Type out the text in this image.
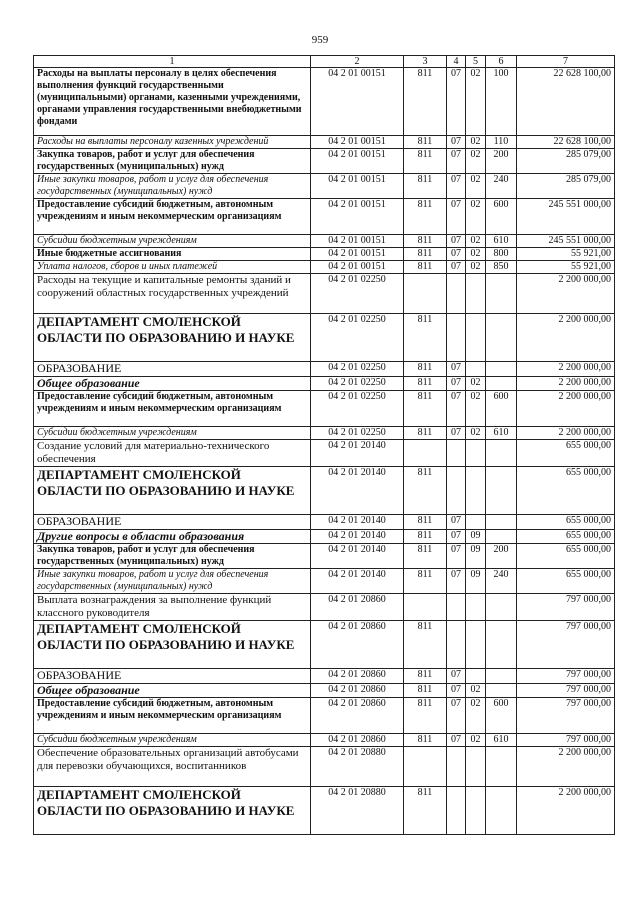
959
1	2	3	4	5	6	7
Расходы на выплаты персоналу в целях обеспечения выполнения функций государственными (муниципальными) органами, казенными учреждениями, органами управления государственными внебюджетными фондами	04 2 01 00151	811	07	02	100	22 628 100,00
Расходы на выплаты персоналу казенных учреждений	04 2 01 00151	811	07	02	110	22 628 100,00
Закупка товаров, работ и услуг для обеспечения государственных (муниципальных) нужд	04 2 01 00151	811	07	02	200	285 079,00
Иные закупки товаров, работ и услуг для обеспечения государственных (муниципальных) нужд	04 2 01 00151	811	07	02	240	285 079,00
Предоставление субсидий бюджетным, автономным учреждениям и иным некоммерческим организациям	04 2 01 00151	811	07	02	600	245 551 000,00
Субсидии бюджетным учреждениям	04 2 01 00151	811	07	02	610	245 551 000,00
Иные бюджетные ассигнования	04 2 01 00151	811	07	02	800	55 921,00
Уплата налогов, сборов и иных платежей	04 2 01 00151	811	07	02	850	55 921,00
Расходы на текущие и капитальные ремонты зданий и сооружений областных государственных учреждений	04 2 01 02250					2 200 000,00
ДЕПАРТАМЕНТ СМОЛЕНСКОЙ ОБЛАСТИ ПО ОБРАЗОВАНИЮ И НАУКЕ	04 2 01 02250	811				2 200 000,00
ОБРАЗОВАНИЕ	04 2 01 02250	811	07			2 200 000,00
Общее образование	04 2 01 02250	811	07	02		2 200 000,00
Предоставление субсидий бюджетным, автономным учреждениям и иным некоммерческим организациям	04 2 01 02250	811	07	02	600	2 200 000,00
Субсидии бюджетным учреждениям	04 2 01 02250	811	07	02	610	2 200 000,00
Создание условий для материально-технического обеспечения	04 2 01 20140					655 000,00
ДЕПАРТАМЕНТ СМОЛЕНСКОЙ ОБЛАСТИ ПО ОБРАЗОВАНИЮ И НАУКЕ	04 2 01 20140	811				655 000,00
ОБРАЗОВАНИЕ	04 2 01 20140	811	07			655 000,00
Другие вопросы в области образования	04 2 01 20140	811	07	09		655 000,00
Закупка товаров, работ и услуг для обеспечения государственных (муниципальных) нужд	04 2 01 20140	811	07	09	200	655 000,00
Иные закупки товаров, работ и услуг для обеспечения государственных (муниципальных) нужд	04 2 01 20140	811	07	09	240	655 000,00
Выплата вознаграждения за выполнение функций классного руководителя	04 2 01 20860					797 000,00
ДЕПАРТАМЕНТ СМОЛЕНСКОЙ ОБЛАСТИ ПО ОБРАЗОВАНИЮ И НАУКЕ	04 2 01 20860	811				797 000,00
ОБРАЗОВАНИЕ	04 2 01 20860	811	07			797 000,00
Общее образование	04 2 01 20860	811	07	02		797 000,00
Предоставление субсидий бюджетным, автономным учреждениям и иным некоммерческим организациям	04 2 01 20860	811	07	02	600	797 000,00
Субсидии бюджетным учреждениям	04 2 01 20860	811	07	02	610	797 000,00
Обеспечение образовательных организаций автобусами для перевозки обучающихся, воспитанников	04 2 01 20880					2 200 000,00
ДЕПАРТАМЕНТ СМОЛЕНСКОЙ ОБЛАСТИ ПО ОБРАЗОВАНИЮ И НАУКЕ	04 2 01 20880	811				2 200 000,00
